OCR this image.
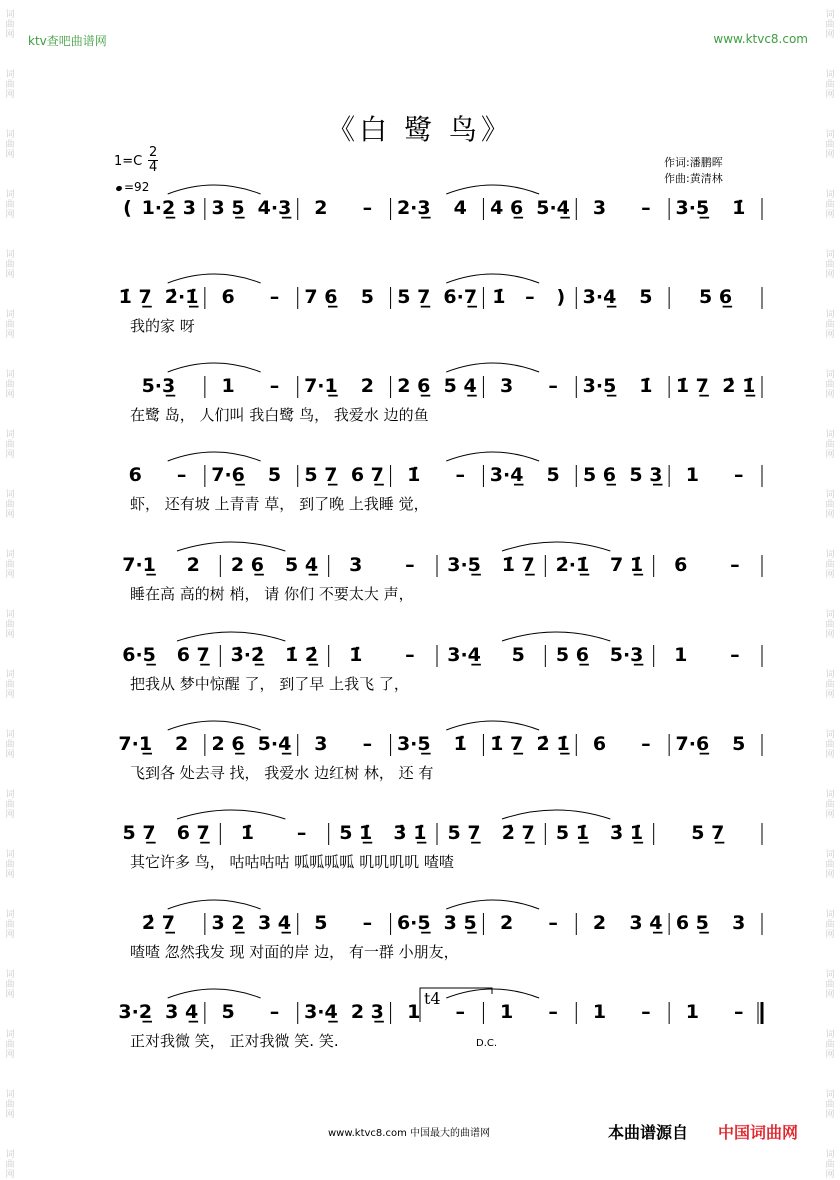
词曲网
词曲网
词曲网
词曲网
词曲网
词曲网
词曲网
词曲网
词曲网
词曲网
词曲网
词曲网
词曲网
词曲网
词曲网
词曲网
词曲网
词曲网
词曲网
词曲网
词曲网
词曲网
词曲网
词曲网
词曲网
词曲网
词曲网
词曲网
词曲网
词曲网
词曲网
词曲网
词曲网
词曲网
词曲网
词曲网
词曲网
词曲网
词曲网
词曲网
ktv查吧曲谱网	www.ktvc8.com
《白 鹭 鸟》
1=C
2
4
=92
作词:潘鹏晖
作曲:黄清林
( 1·2̲ 3 3 5̲ 4·3̲ 2 – 2·3̲ 4 4 6̲ 5·4̲ 3 – 3·5̲ 1̇
1̇ 7̲ 2̇·1̲̇ 6 – 7 6̲ 5 5 7̲ 6·7̲ 1̇ – ) 3·4̲ 5 5 6̲
我的家 呀
5·3̲ 1 – 7·1̲ 2 2 6̲ 5 4̲ 3 – 3·5̲ 1̇ 1̇ 7̲ 2̇ 1̲̇
在鹭 岛， 人们叫 我白鹭 鸟， 我爱水 边的鱼
6 – 7·6̲ 5 5 7̲ 6 7̲ 1̇ – 3·4̲ 5 5 6̲ 5 3̲ 1 –
虾， 还有坡 上青青 草， 到了晚 上我睡 觉，
7·1̲ 2 2 6̲ 5 4̲ 3 – 3·5̲ 1̇ 7̲ 2̇·1̲̇ 7 1̲̇ 6 –
睡在高 高的树 梢， 请 你们 不要太大 声，
6·5̲ 6 7̲ 3̇·2̲̇ 1̇ 2̲̇ 1̇ – 3·4̲ 5 5 6̲ 5·3̲ 1 –
把我从 梦中惊醒 了， 到了早 上我飞 了，
7·1̲ 2 2 6̲ 5·4̲ 3 – 3·5̲ 1̇ 1̇ 7̲ 2̇ 1̲̇ 6 – 7·6̲ 5
飞到各 处去寻 找， 我爱水 边红树 林， 还 有
5 7̲ 6 7̲ 1̇ – 5 1̲̇ 3̇ 1̲̇ 5 7̲ 2̇ 7̲ 5 1̲̇ 3̇ 1̲̇	5 7̲
其它许多 鸟， 咕咕咕咕 呱呱呱呱 叽叽叽叽 喳喳
2̇ 7̲ 3 2̲ 3 4̲ 5 – 6·5̲ 3 5̲ 2 – 2 3 4̲ 6 5̲ 3
喳喳 忽然我发 现 对面的岸 边， 有一群 小朋友，
3·2̲ 3 4̲ 5 – 3·4̲ 2 3̲ 1 – 1 – 1 – 1 –
正对我微 笑， 正对我微 笑. 笑.
t4
D.C.
www.ktvc8.com 中国最大的曲谱网	本曲谱源自 中国词曲网
